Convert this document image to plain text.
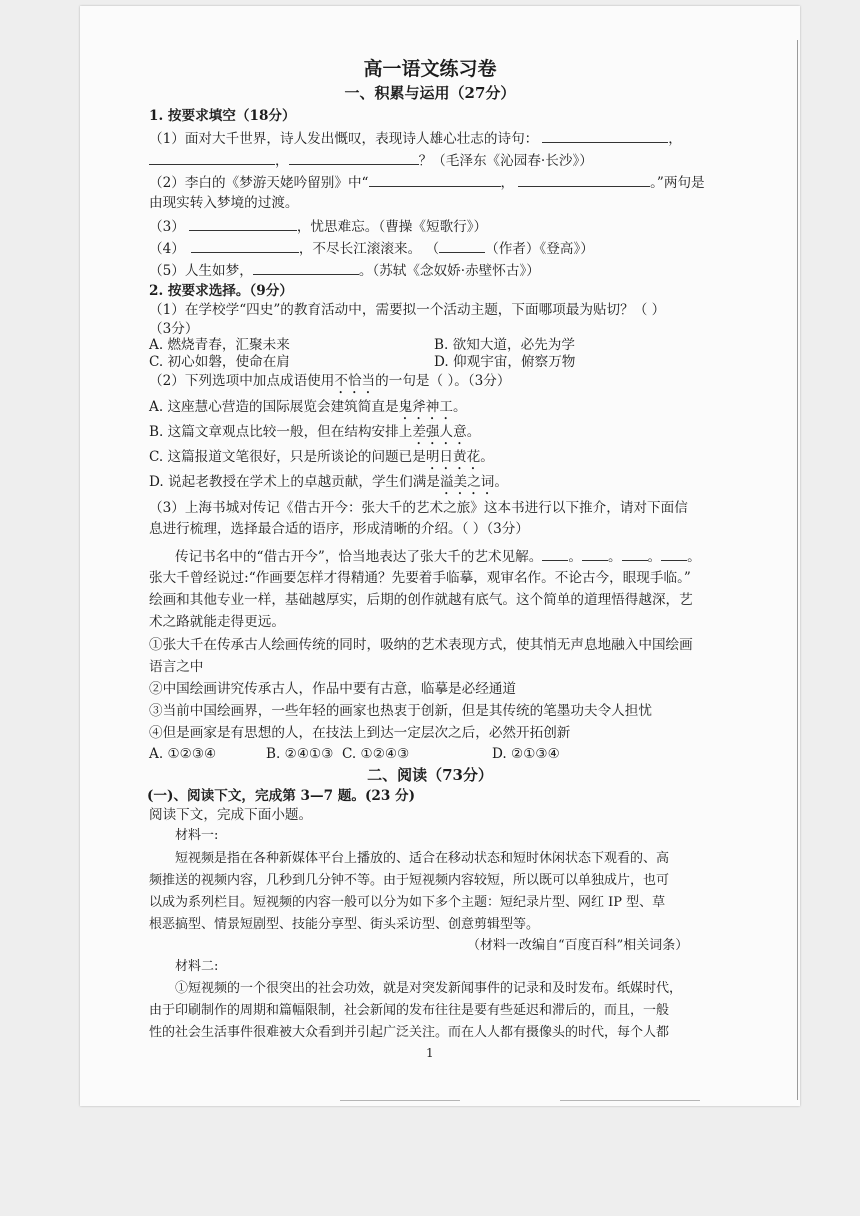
高一语文练习卷
一、积累与运用（27分）
1. 按要求填空（18分）
（1）面对大千世界，诗人发出慨叹，表现诗人雄心壮志的诗句：	，
，	？（毛泽东《沁园春·长沙》）
（2）李白的《梦游天姥吟留别》中“	，	。”两句是
由现实转入梦境的过渡。
（3）	，忧思难忘。（曹操《短歌行》）
（4）	，不尽长江滚滚来。 （	（作者）《登高》）
（5）人生如梦，	。（苏轼《念奴娇·赤壁怀古》）
2. 按要求选择。（9分）
（1）在学校学“四史”的教育活动中，需要拟一个活动主题，下面哪项最为贴切？（ ）
（3分）
A. 燃烧青春，汇聚未来	B. 欲知大道，必先为学
C. 初心如磐，使命在肩	D. 仰观宇宙，俯察万物
（2）下列选项中加点成语使用不恰当的一句是（ ）。（3分）
A. 这座慧心营造的国际展览会建筑简直是鬼斧神工。
B. 这篇文章观点比较一般，但在结构安排上差强人意。
C. 这篇报道文笔很好，只是所谈论的问题已是明日黄花。
D. 说起老教授在学术上的卓越贡献，学生们满是溢美之词。
（3）上海书城对传记《借古开今：张大千的艺术之旅》这本书进行以下推介，请对下面信
息进行梳理，选择最合适的语序，形成清晰的介绍。（ ）（3分）
传记书名中的“借古开今”，恰当地表达了张大千的艺术见解。 。 。 。 。
张大千曾经说过:“作画要怎样才得精通？先要着手临摹，观审名作。不论古今，眼现手临。”
绘画和其他专业一样，基础越厚实，后期的创作就越有底气。这个简单的道理悟得越深，艺
术之路就能走得更远。
①张大千在传承古人绘画传统的同时，吸纳的艺术表现方式，使其悄无声息地融入中国绘画
语言之中
②中国绘画讲究传承古人，作品中要有古意，临摹是必经通道
③当前中国绘画界，一些年轻的画家也热衷于创新，但是其传统的笔墨功夫令人担忧
④但是画家是有思想的人，在技法上到达一定层次之后，必然开拓创新
A. ①②③④	B. ②④①③ C. ①②④③	D. ②①③④
二、阅读（73分）
(一)、阅读下文，完成第 3—7 题。(23 分)
阅读下文，完成下面小题。
材料一:
短视频是指在各种新媒体平台上播放的、适合在移动状态和短时休闲状态下观看的、高
频推送的视频内容，几秒到几分钟不等。由于短视频内容较短，所以既可以单独成片，也可
以成为系列栏目。短视频的内容一般可以分为如下多个主题：短纪录片型、网红 IP 型、草
根恶搞型、情景短剧型、技能分享型、街头采访型、创意剪辑型等。
（材料一改编自“百度百科”相关词条）
材料二:
①短视频的一个很突出的社会功效，就是对突发新闻事件的记录和及时发布。纸媒时代，
由于印刷制作的周期和篇幅限制，社会新闻的发布往往是要有些延迟和滞后的，而且，一般
性的社会生活事件很难被大众看到并引起广泛关注。而在人人都有摄像头的时代，每个人都
1
